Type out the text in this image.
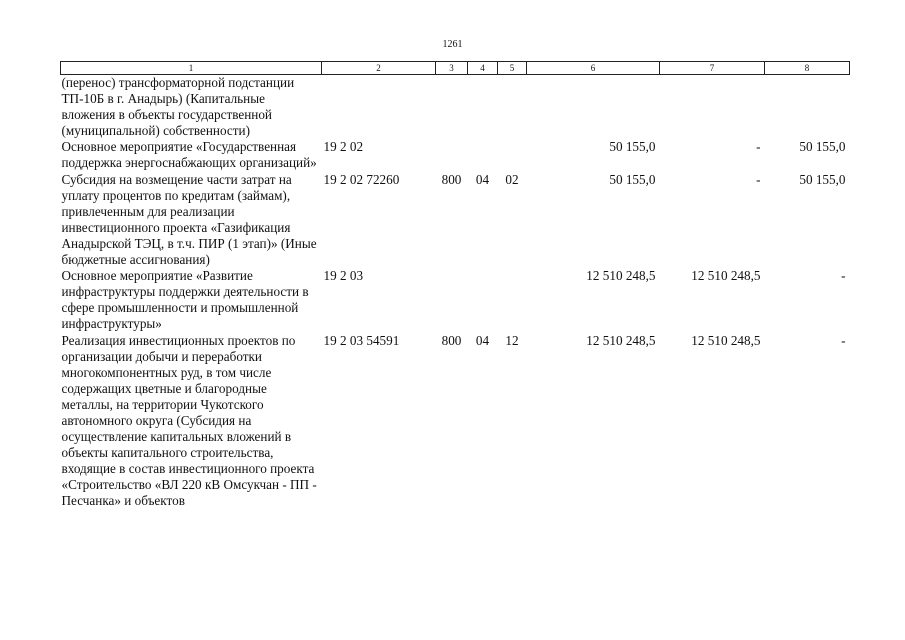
1261
1	2	3	4	5	6	7	8
(перенос) трансформаторной подстанции ТП-10Б в г. Анадырь) (Капитальные вложения в объекты государственной (муниципальной) собственности)							
Основное мероприятие «Государственная поддержка энергоснабжающих организаций»	19 2 02				50 155,0	-	50 155,0
Субсидия на возмещение части затрат на уплату процентов по кредитам (займам), привлеченным для реализации инвестиционного проекта «Газификация Анадырской ТЭЦ, в т.ч. ПИР (1 этап)» (Иные бюджетные ассигнования)	19 2 02 72260	800	04	02	50 155,0	-	50 155,0
Основное мероприятие «Развитие инфраструктуры поддержки деятельности в сфере промышленности и промышленной инфраструктуры»	19 2 03				12 510 248,5	12 510 248,5	-
Реализация инвестиционных проектов по организации добычи и переработки многокомпонентных руд, в том числе содержащих цветные и благородные металлы, на территории Чукотского автономного округа (Субсидия на осуществление капитальных вложений в объекты капитального строительства, входящие в состав инвестиционного проекта «Строительство «ВЛ 220 кВ Омсукчан - ПП - Песчанка» и объектов	19 2 03 54591	800	04	12	12 510 248,5	12 510 248,5	-
